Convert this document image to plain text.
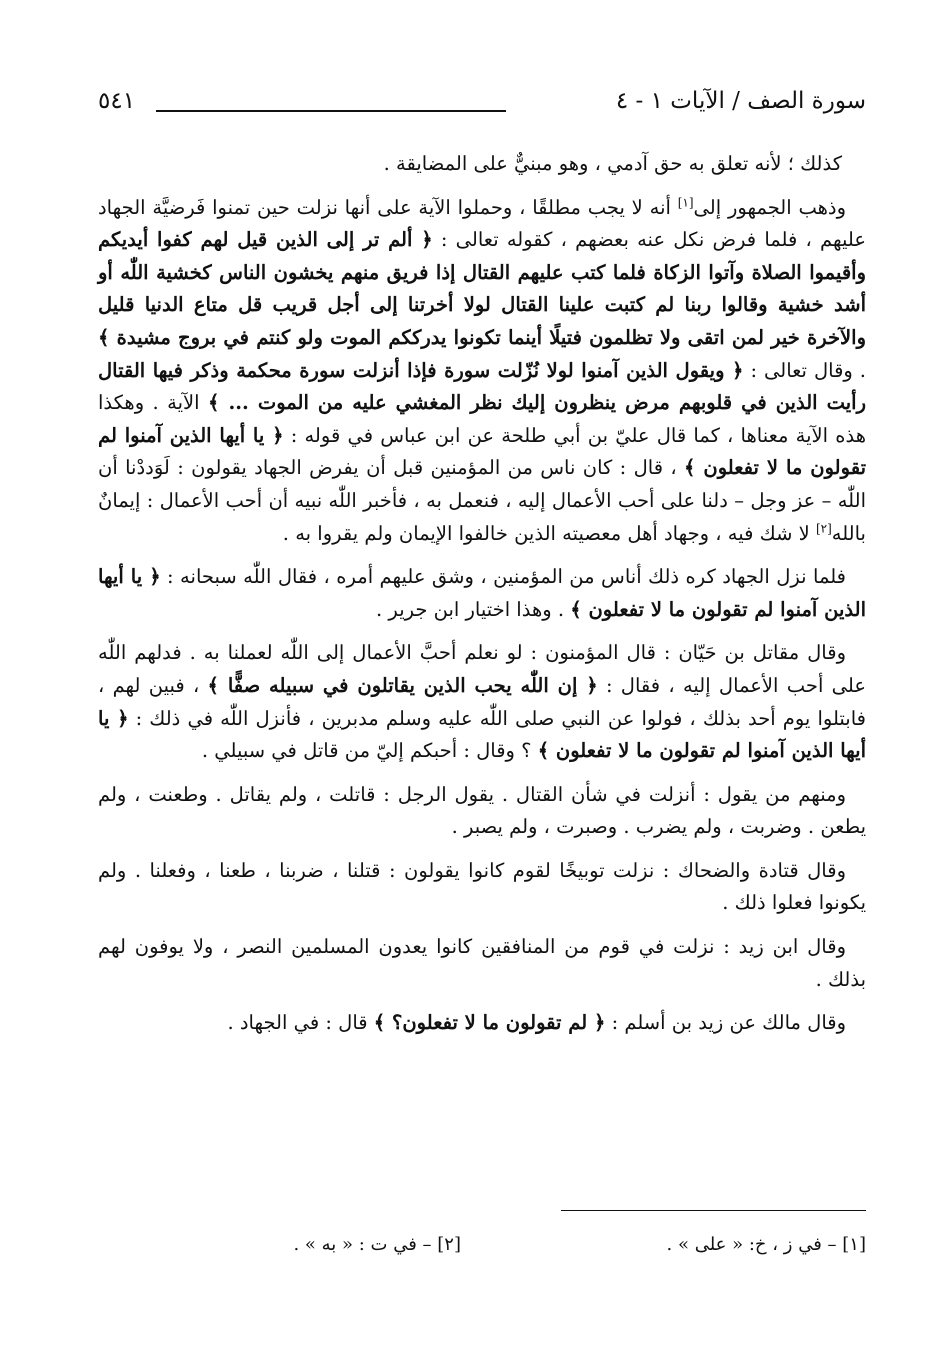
سورة الصف / الآيات ١ - ٤
٥٤١

كذلك ؛ لأنه تعلق به حق آدمي ، وهو مبنيٌّ على المضايقة .

وذهب الجمهور إلى[١] أنه لا يجب مطلقًا ، وحملوا الآية على أنها نزلت حين تمنوا فَرضيَّة الجهاد عليهم ، فلما فرض نكل عنه بعضهم ، كقوله تعالى : ﴿ ألم تر إلى الذين قيل لهم كفوا أيديكم وأقيموا الصلاة وآتوا الزكاة فلما كتب عليهم القتال إذا فريق منهم يخشون الناس كخشية اللّٰه أو أشد خشية وقالوا ربنا لم كتبت علينا القتال لولا أخرتنا إلى أجل قريب قل متاع الدنيا قليل والآخرة خير لمن اتقى ولا تظلمون فتيلًا أينما تكونوا يدرككم الموت ولو كنتم في بروج مشيدة ﴾ . وقال تعالى : ﴿ ويقول الذين آمنوا لولا نُزّلت سورة فإذا أنزلت سورة محكمة وذكر فيها القتال رأيت الذين في قلوبهم مرض ينظرون إليك نظر المغشي عليه من الموت ... ﴾ الآية . وهكذا هذه الآية معناها ، كما قال عليّ بن أبي طلحة عن ابن عباس في قوله : ﴿ يا أيها الذين آمنوا لم تقولون ما لا تفعلون ﴾ ، قال : كان ناس من المؤمنين قبل أن يفرض الجهاد يقولون : لَوَددْنا أن اللّٰه – عز وجل – دلنا على أحب الأعمال إليه ، فنعمل به ، فأخبر اللّٰه نبيه أن أحب الأعمال : إيمانٌ بالله[٢] لا شك فيه ، وجهاد أهل معصيته الذين خالفوا الإيمان ولم يقروا به .

فلما نزل الجهاد كره ذلك أناس من المؤمنين ، وشق عليهم أمره ، فقال اللّٰه سبحانه : ﴿ يا أيها الذين آمنوا لم تقولون ما لا تفعلون ﴾ . وهذا اختيار ابن جرير .

وقال مقاتل بن حَيّان : قال المؤمنون : لو نعلم أحبَّ الأعمال إلى اللّٰه لعملنا به . فدلهم اللّٰه على أحب الأعمال إليه ، فقال : ﴿ إن اللّٰه يحب الذين يقاتلون في سبيله صفًّا ﴾ ، فبين لهم ، فابتلوا يوم أحد بذلك ، فولوا عن النبي صلى اللّٰه عليه وسلم مدبرين ، فأنزل اللّٰه في ذلك : ﴿ يا أيها الذين آمنوا لم تقولون ما لا تفعلون ﴾ ؟ وقال : أحبكم إليّ من قاتل في سبيلي .

ومنهم من يقول : أنزلت في شأن القتال . يقول الرجل : قاتلت ، ولم يقاتل . وطعنت ، ولم يطعن . وضربت ، ولم يضرب . وصبرت ، ولم يصبر .

وقال قتادة والضحاك : نزلت توبيخًا لقوم كانوا يقولون : قتلنا ، ضربنا ، طعنا ، وفعلنا . ولم يكونوا فعلوا ذلك .

وقال ابن زيد : نزلت في قوم من المنافقين كانوا يعدون المسلمين النصر ، ولا يوفون لهم بذلك .

وقال مالك عن زيد بن أسلم : ﴿ لم تقولون ما لا تفعلون؟ ﴾ قال : في الجهاد .

[١] – في ز ، خ: « على » .
[٢] – في ت : « به » .
